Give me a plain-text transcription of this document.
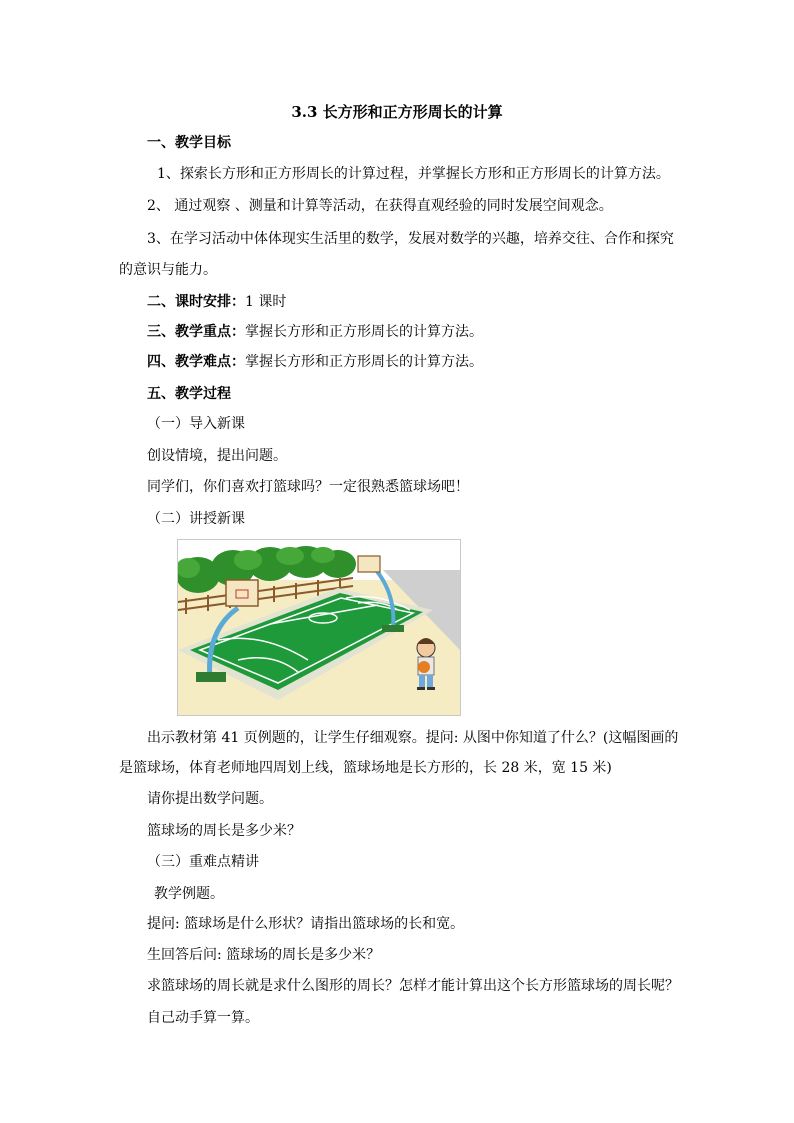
3.3 长方形和正方形周长的计算
一、教学目标
1、探索长方形和正方形周长的计算过程，并掌握长方形和正方形周长的计算方法。
2、 通过观察 、测量和计算等活动，在获得直观经验的同时发展空间观念。
3、在学习活动中体体现实生活里的数学，发展对数学的兴趣，培养交往、合作和探究
的意识与能力。
二、课时安排：1 课时
三、教学重点：掌握长方形和正方形周长的计算方法。
四、教学难点：掌握长方形和正方形周长的计算方法。
五、教学过程
（一）导入新课
创设情境，提出问题。
同学们，你们喜欢打篮球吗？一定很熟悉篮球场吧！
（二）讲授新课
出示教材第 41 页例题的，让学生仔细观察。提问: 从图中你知道了什么？(这幅图画的
是篮球场，体育老师地四周划上线，篮球场地是长方形的，长 28 米，宽 15 米)
请你提出数学问题。
篮球场的周长是多少米？
（三）重难点精讲
教学例题。
提问: 篮球场是什么形状？请指出篮球场的长和宽。
生回答后问: 篮球场的周长是多少米？
求篮球场的周长就是求什么图形的周长？怎样才能计算出这个长方形篮球场的周长呢？
自己动手算一算。
